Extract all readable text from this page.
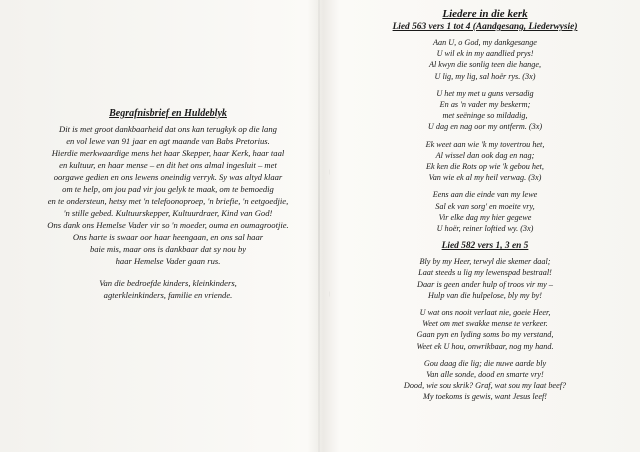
·····
·····
Begrafnisbrief en Huldeblyk

Dit is met groot dankbaarheid dat ons kan terugkyk op die lang

en vol lewe van 91 jaar en agt maande van Babs Pretorius.

Hierdie merkwaardige mens het haar Skepper, haar Kerk, haar taal

en kultuur, en haar mense – en dit het ons almal ingesluit – met

oorgawe gedien en ons lewens oneindig verryk. Sy was altyd klaar

om te help, om jou pad vir jou gelyk te maak, om te bemoedig

en te ondersteun, hetsy met 'n telefoonoproep, 'n briefie, 'n eetgoedjie,

'n stille gebed. Kultuurskepper, Kultuurdraer, Kind van God!

Ons dank ons Hemelse Vader vir so 'n moeder, ouma en oumagrootjie.

Ons harte is swaar oor haar heengaan, en ons sal haar

baie mis, maar ons is dankbaar dat sy nou by

haar Hemelse Vader gaan rus.

Van die bedroefde kinders, kleinkinders,

agterkleinkinders, familie en vriende.

Liedere in die kerk
Lied 563 vers 1 tot 4 (Aandgesang, Liederwysie)
Aan U, o God, my dankgesange
U wil ek in my aandlied prys!
Al kwyn die sonlig teen die hange,
U lig, my lig, sal hoër rys. (3x)
U het my met u guns versadig
En as 'n vader my beskerm;
met seëninge so mildadig,
U dag en nag oor my ontferm. (3x)
Ek weet aan wie 'k my tovertrou het,
Al wissel dan ook dag en nag;
Ek ken die Rots op wie 'k gebou het,
Van wie ek al my heil verwag. (3x)
Eens aan die einde van my lewe
Sal ek van sorg' en moeite vry,
Vir elke dag my hier gegewe
U hoër, reiner loftied wy. (3x)
Lied 582 vers 1, 3 en 5
Bly by my Heer, terwyl die skemer daal;
Laat steeds u lig my lewenspad bestraal!
Daar is geen ander hulp of troos vir my –
Hulp van die hulpelose, bly my by!
U wat ons nooit verlaat nie, goeie Heer,
Weet om met swakke mense te verkeer.
Gaan pyn en lyding soms bo my verstand,
Weet ek U hou, onwrikbaar, nog my hand.
Gou daag die lig; die nuwe aarde bly
Van alle sonde, dood en smarte vry!
Dood, wie sou skrik? Graf, wat sou my laat beef?
My toekoms is gewis, want Jesus leef!
